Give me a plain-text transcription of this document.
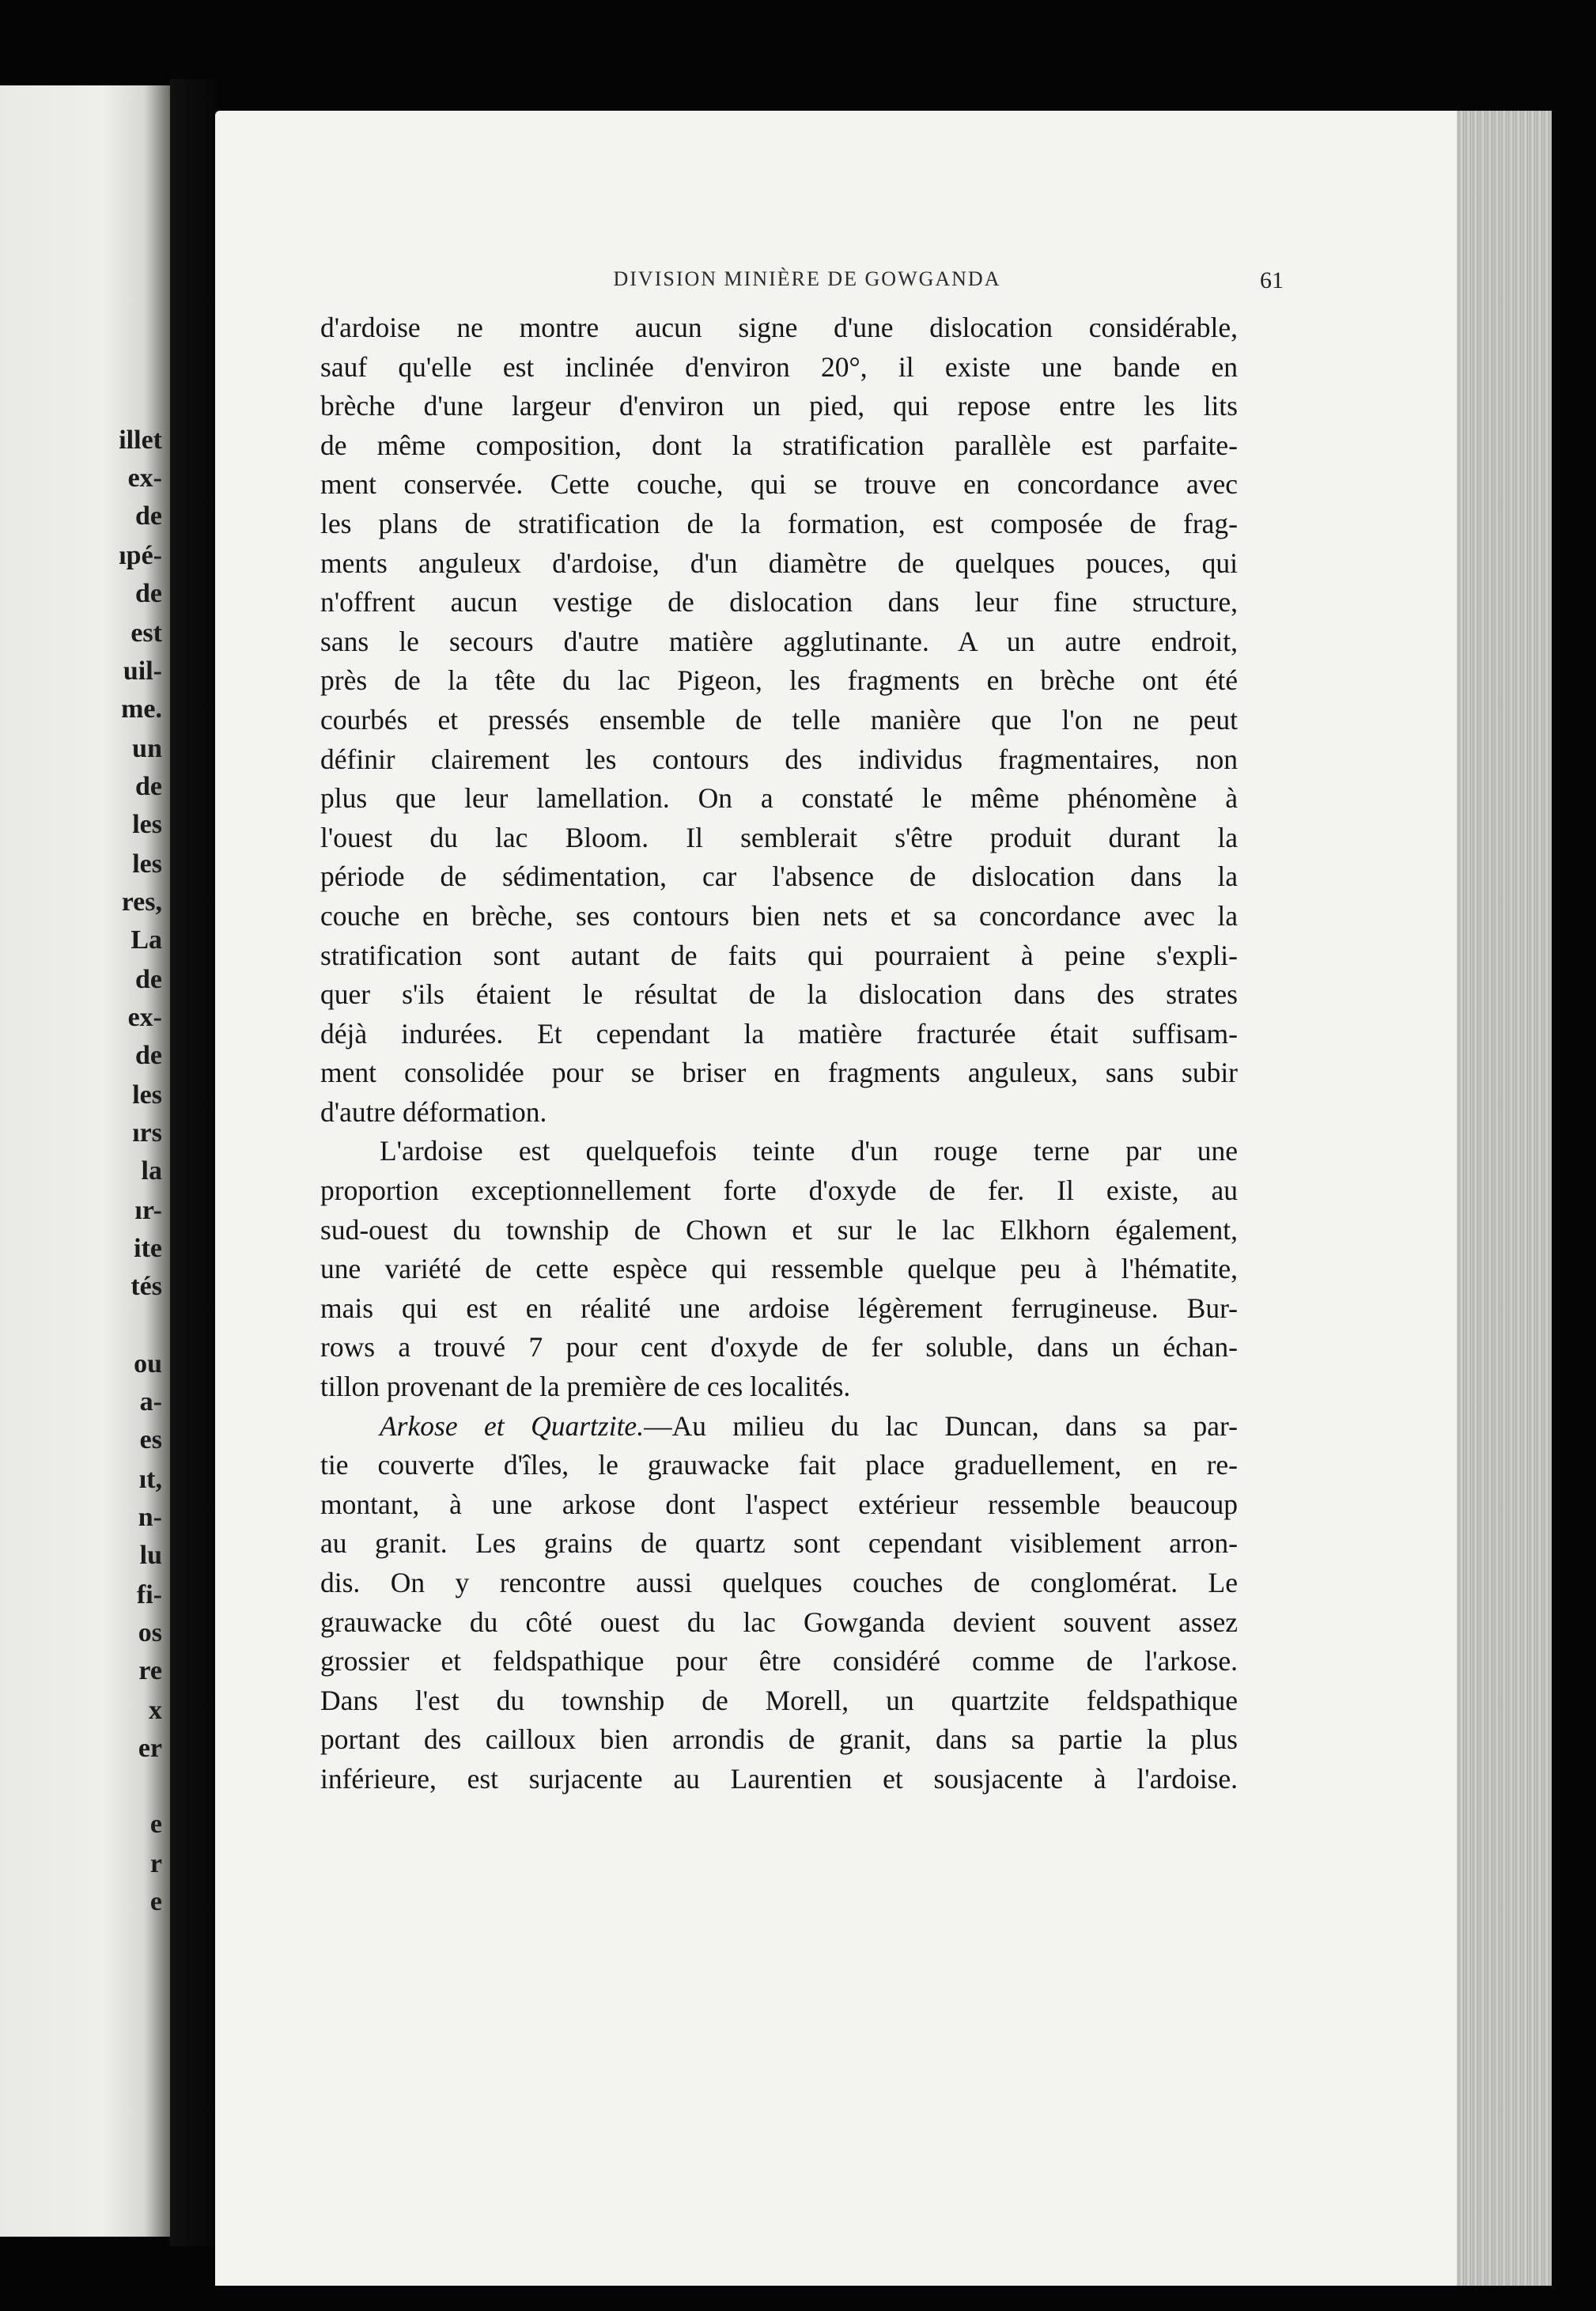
illet

ex-

de

ıpé-

de

est

uil-

me.

un

de

les

les

res,

La

de

ex-

de

les

ırs

la

ır-

ite

tés

ou

a-

es

ıt,

n-

lu

fi-

os

re

x

er

e

r

e

DIVISION MINIÈRE DE GOWGANDA	61
d'ardoise ne montre aucun signe d'une dislocation considérable,
sauf qu'elle est inclinée d'environ 20°, il existe une bande en
brèche d'une largeur d'environ un pied, qui repose entre les lits
de même composition, dont la stratification parallèle est parfaite-
ment conservée. Cette couche, qui se trouve en concordance avec
les plans de stratification de la formation, est composée de frag-
ments anguleux d'ardoise, d'un diamètre de quelques pouces, qui
n'offrent aucun vestige de dislocation dans leur fine structure,
sans le secours d'autre matière agglutinante. A un autre endroit,
près de la tête du lac Pigeon, les fragments en brèche ont été
courbés et pressés ensemble de telle manière que l'on ne peut
définir clairement les contours des individus fragmentaires, non
plus que leur lamellation. On a constaté le même phénomène à
l'ouest du lac Bloom. Il semblerait s'être produit durant la
période de sédimentation, car l'absence de dislocation dans la
couche en brèche, ses contours bien nets et sa concordance avec la
stratification sont autant de faits qui pourraient à peine s'expli-
quer s'ils étaient le résultat de la dislocation dans des strates
déjà indurées. Et cependant la matière fracturée était suffisam-
ment consolidée pour se briser en fragments anguleux, sans subir
d'autre déformation.
L'ardoise est quelquefois teinte d'un rouge terne par une
proportion exceptionnellement forte d'oxyde de fer. Il existe, au
sud-ouest du township de Chown et sur le lac Elkhorn également,
une variété de cette espèce qui ressemble quelque peu à l'hématite,
mais qui est en réalité une ardoise légèrement ferrugineuse. Bur-
rows a trouvé 7 pour cent d'oxyde de fer soluble, dans un échan-
tillon provenant de la première de ces localités.
Arkose et Quartzite.—Au milieu du lac Duncan, dans sa par-
tie couverte d'îles, le grauwacke fait place graduellement, en re-
montant, à une arkose dont l'aspect extérieur ressemble beaucoup
au granit. Les grains de quartz sont cependant visiblement arron-
dis. On y rencontre aussi quelques couches de conglomérat. Le
grauwacke du côté ouest du lac Gowganda devient souvent assez
grossier et feldspathique pour être considéré comme de l'arkose.
Dans l'est du township de Morell, un quartzite feldspathique
portant des cailloux bien arrondis de granit, dans sa partie la plus
inférieure, est surjacente au Laurentien et sousjacente à l'ardoise.
